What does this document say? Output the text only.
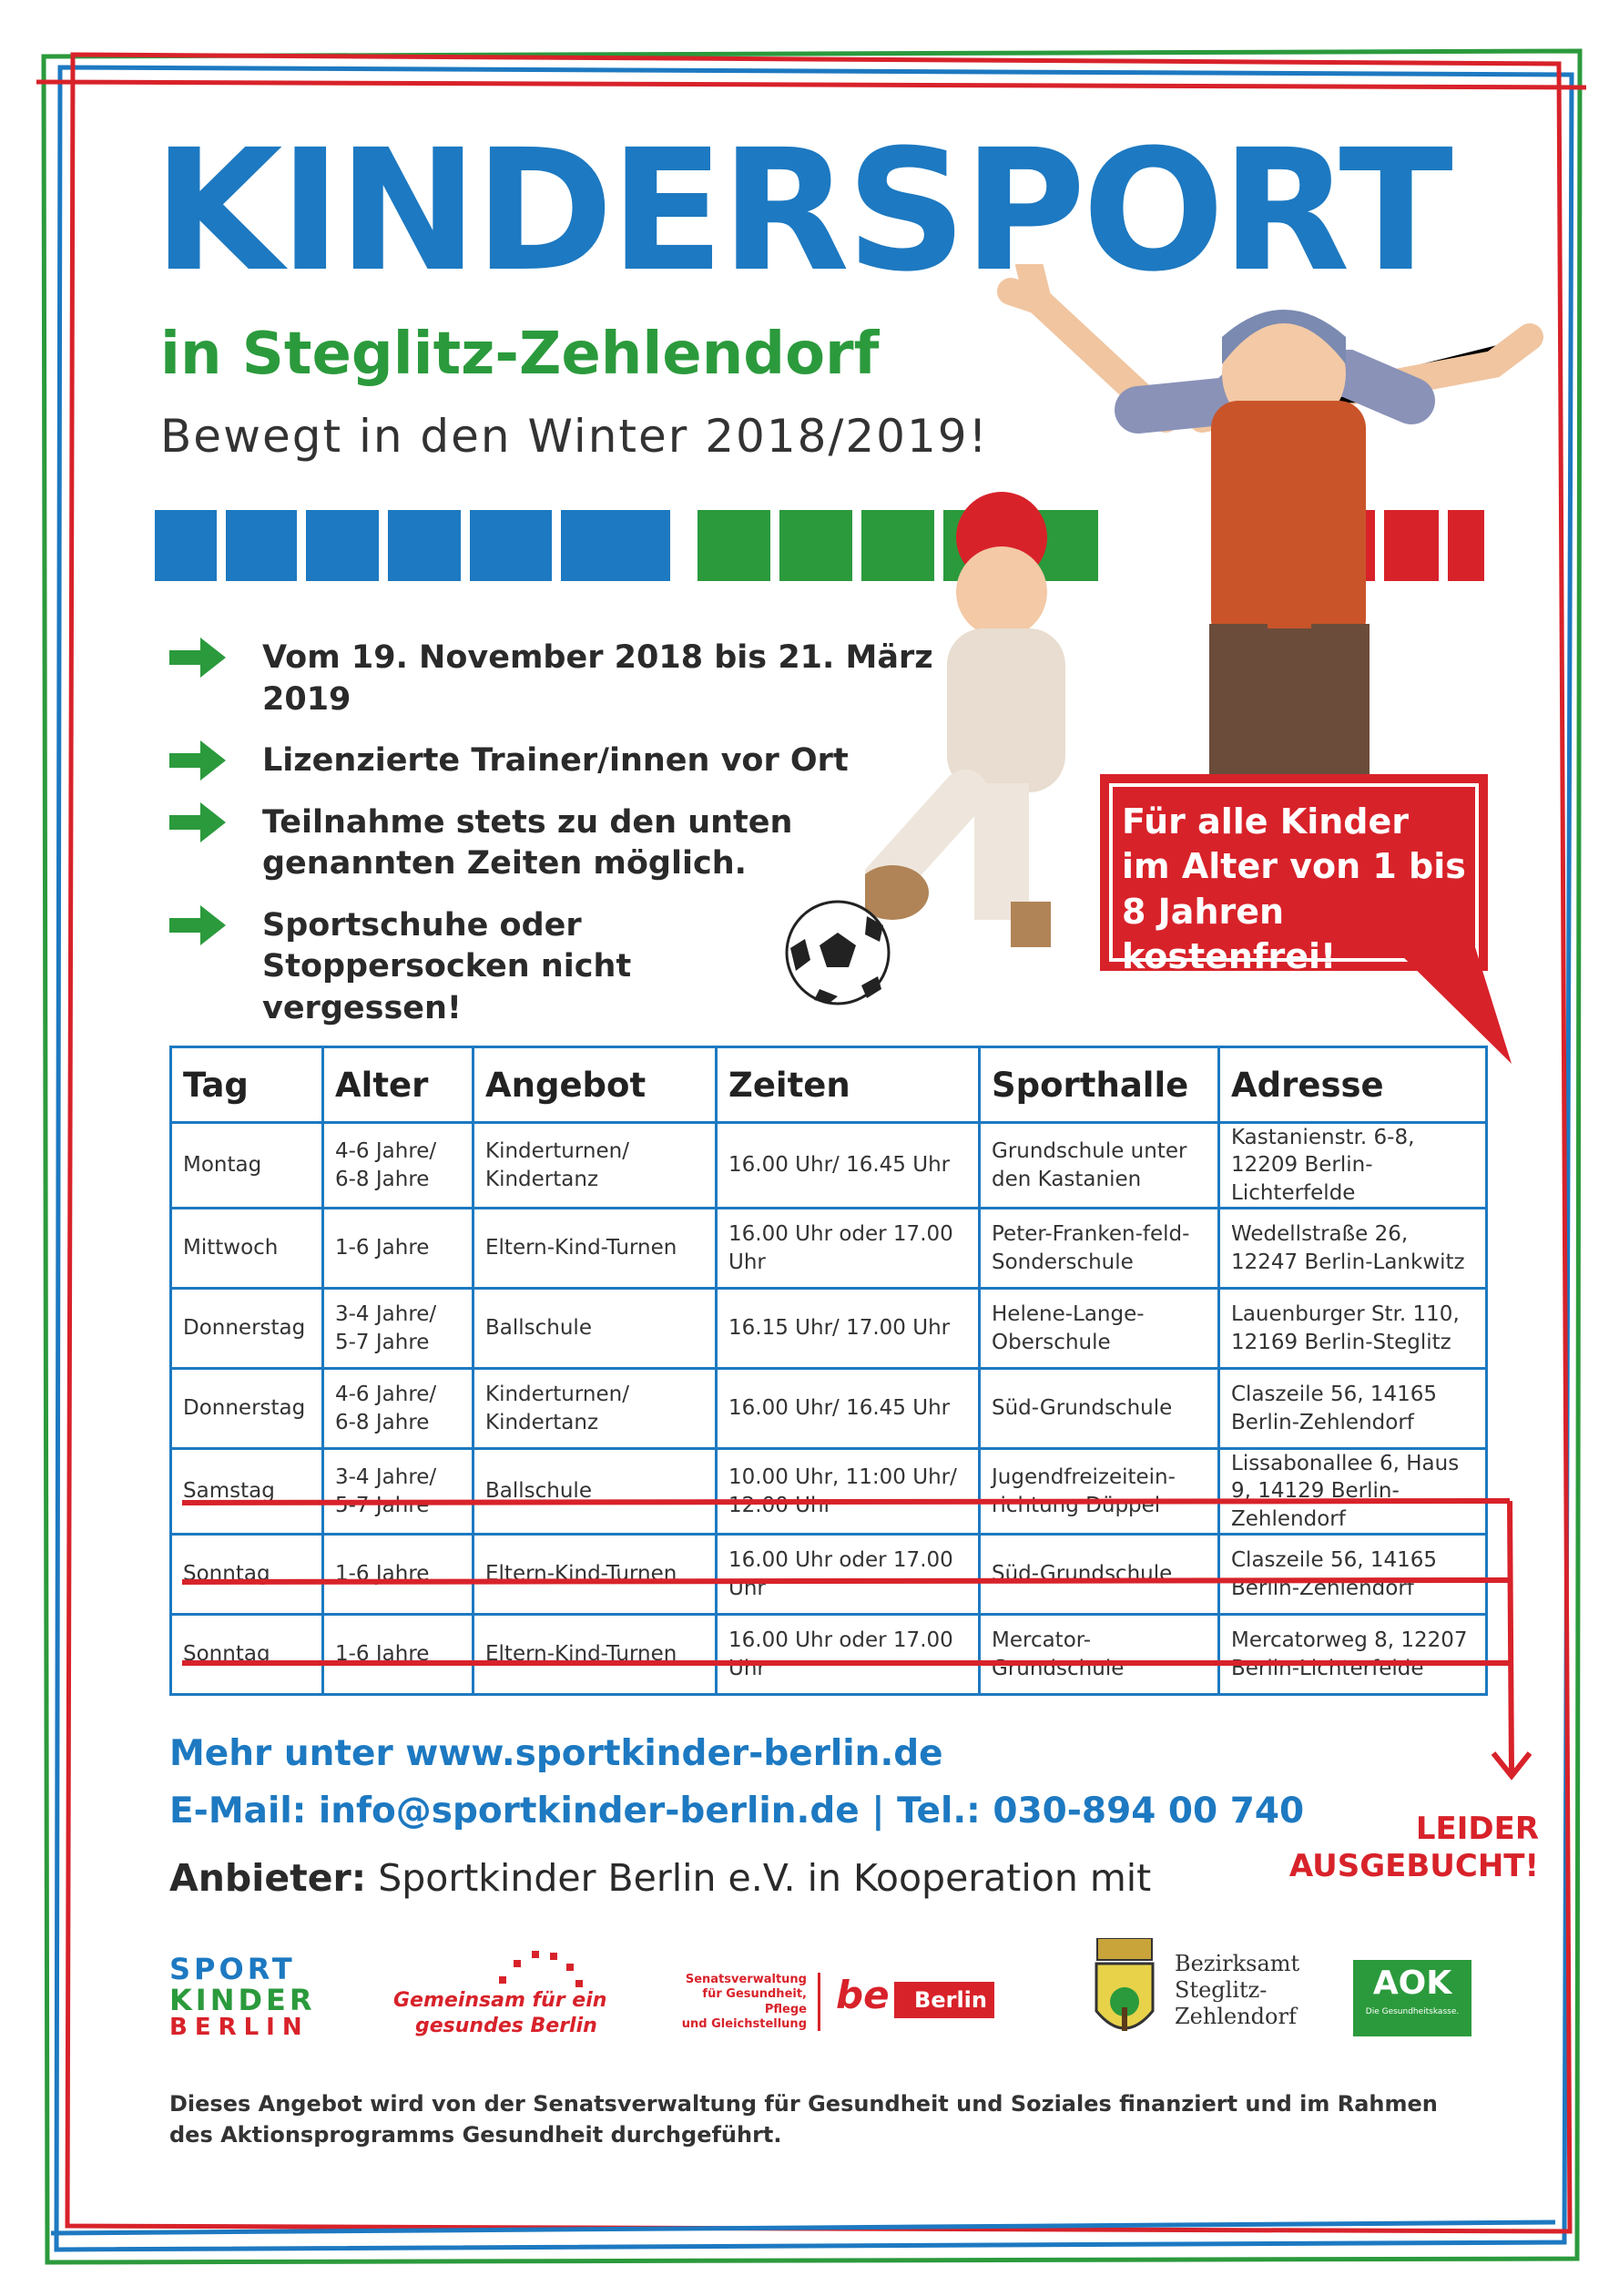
KINDERSPORT
in Steglitz-Zehlendorf
Bewegt in den Winter 2018/2019!
Vom 19. November 2018 bis 21. März 2019
Lizenzierte Trainer/innen vor Ort
Teilnahme stets zu den unten genannten Zeiten möglich.
Sportschuhe oder Stoppersocken nicht vergessen!
Für alle Kinder im Alter von 1 bis 8 Jahren kostenfrei!
Tag	Alter	Angebot	Zeiten	Sporthalle	Adresse
Montag	4-6 Jahre/ 6-8 Jahre	Kinderturnen/ Kindertanz	16.00 Uhr/ 16.45 Uhr	Grundschule unter den Kastanien	Kastanienstr. 6-8, 12209 Berlin-Lichterfelde
Mittwoch	1-6 Jahre	Eltern-Kind-Turnen	16.00 Uhr oder 17.00 Uhr	Peter-Franken-feld-Sonderschule	Wedellstraße 26, 12247 Berlin-Lankwitz
Donnerstag	3-4 Jahre/ 5-7 Jahre	Ballschule	16.15 Uhr/ 17.00 Uhr	Helene-Lange-Oberschule	Lauenburger Str. 110, 12169 Berlin-Steglitz
Donnerstag	4-6 Jahre/ 6-8 Jahre	Kinderturnen/ Kindertanz	16.00 Uhr/ 16.45 Uhr	Süd-Grundschule	Claszeile 56, 14165 Berlin-Zehlendorf
Samstag	3-4 Jahre/ 5-7 Jahre	Ballschule	10.00 Uhr, 11:00 Uhr/ 12.00 Uhr	Jugendfreizeitein-richtung Düppel	Lissabonallee 6, Haus 9, 14129 Berlin-Zehlendorf
Sonntag	1-6 Jahre	Eltern-Kind-Turnen	16.00 Uhr oder 17.00 Uhr	Süd-Grundschule	Claszeile 56, 14165 Berlin-Zehlendorf
Sonntag	1-6 Jahre	Eltern-Kind-Turnen	16.00 Uhr oder 17.00 Uhr	Mercator-Grundschule	Mercatorweg 8, 12207 Berlin-Lichterfelde
Mehr unter www.sportkinder-berlin.de
E-Mail: info@sportkinder-berlin.de | Tel.: 030-894 00 740
Anbieter: Sportkinder Berlin e.V. in Kooperation mit
LEIDER
AUSGEBUCHT!
SPORT
KINDER
BERLIN
Gemeinsam für ein
gesundes Berlin
Senatsverwaltung
für Gesundheit, Pflege
und Gleichstellung
be	Berlin
Bezirksamt
Steglitz-
Zehlendorf
AOK
Die Gesundheitskasse.
Dieses Angebot wird von der Senatsverwaltung für Gesundheit und Soziales finanziert und im Rahmen des Aktionsprogramms Gesundheit durchgeführt.
